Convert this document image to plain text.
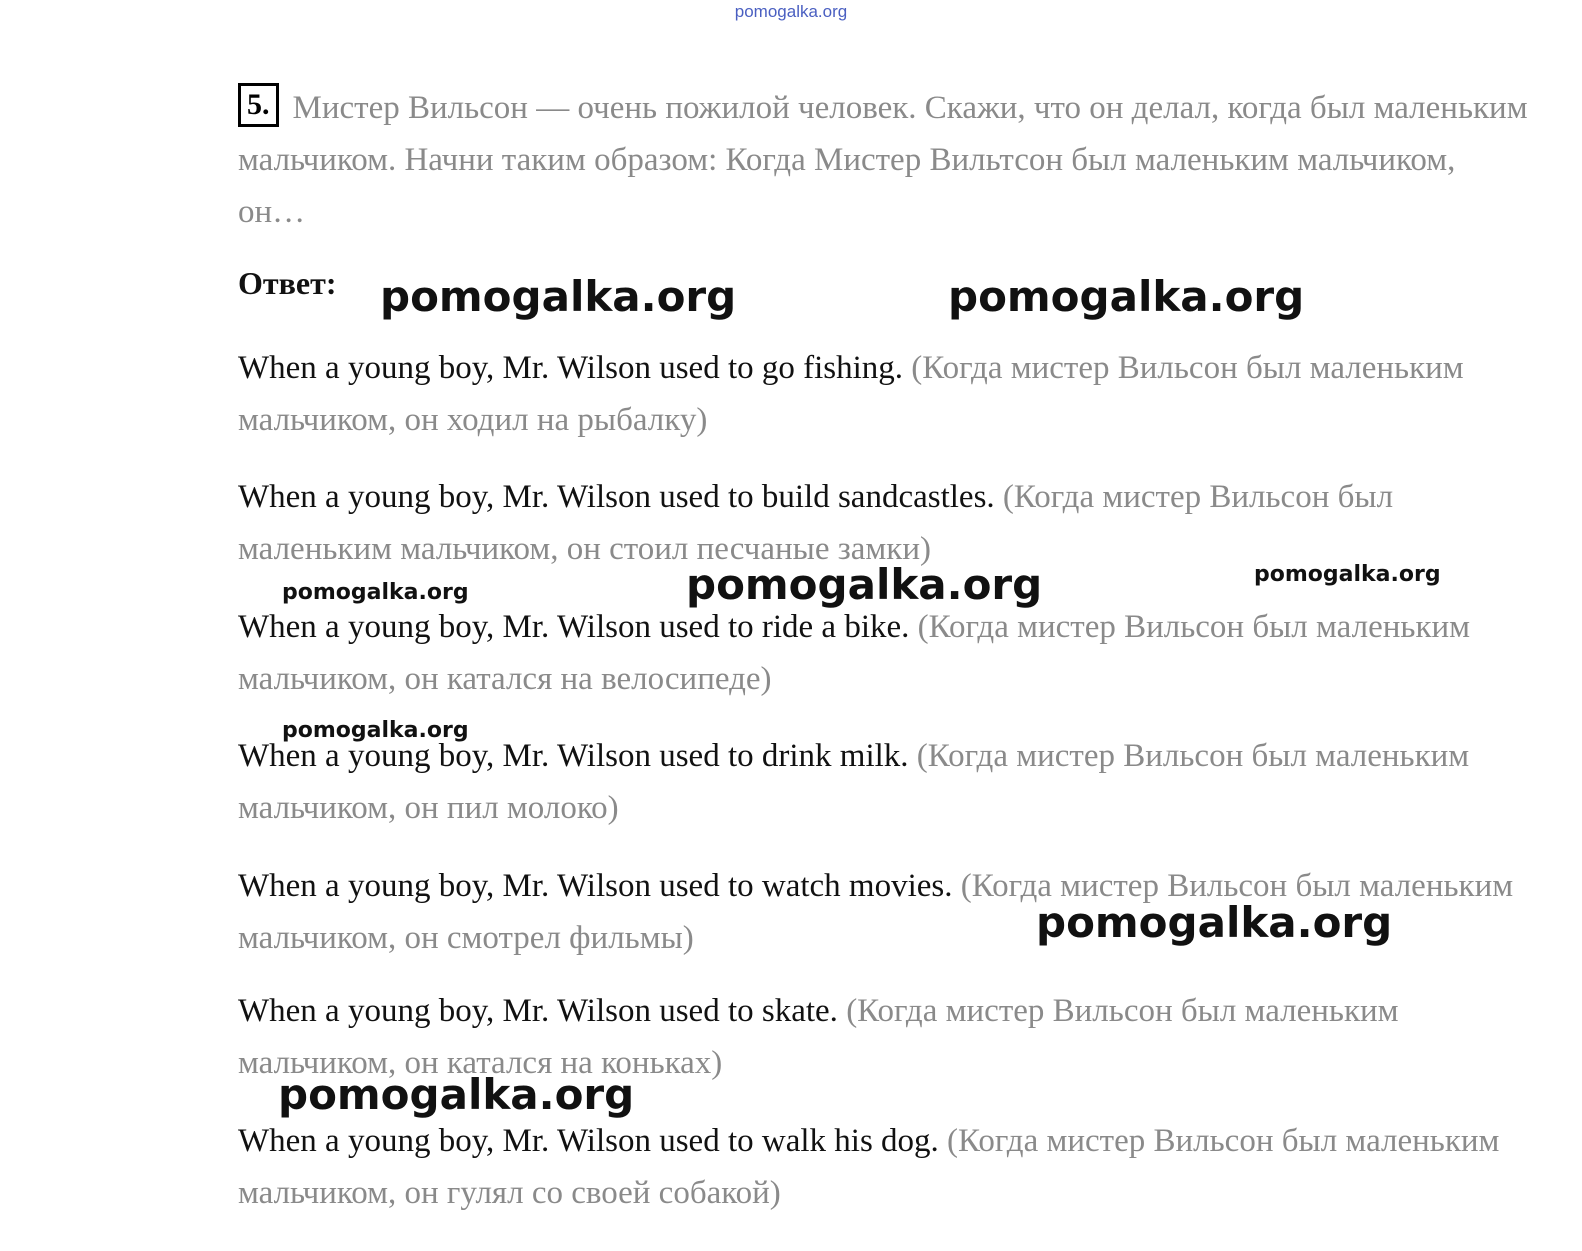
pomogalka.org
5. Мистер Вильсон — очень пожилой человек. Скажи, что он делал, когда был маленьким мальчиком. Начни таким образом: Когда Мистер Вильтсон был маленьким мальчиком, он…
Ответ:
When a young boy, Mr. Wilson used to go fishing. (Когда мистер Вильсон был маленьким мальчиком, он ходил на рыбалку)
When a young boy, Mr. Wilson used to build sandcastles. (Когда мистер Вильсон был маленьким мальчиком, он стоил песчаные замки)
When a young boy, Mr. Wilson used to ride a bike. (Когда мистер Вильсон был маленьким мальчиком, он катался на велосипеде)
When a young boy, Mr. Wilson used to drink milk. (Когда мистер Вильсон был маленьким мальчиком, он пил молоко)
When a young boy, Mr. Wilson used to watch movies. (Когда мистер Вильсон был маленьким мальчиком, он смотрел фильмы)
When a young boy, Mr. Wilson used to skate. (Когда мистер Вильсон был маленьким мальчиком, он катался на коньках)
When a young boy, Mr. Wilson used to walk his dog. (Когда мистер Вильсон был маленьким мальчиком, он гулял со своей собакой)
pomogalka.org	pomogalka.org
pomogalka.org	pomogalka.org	pomogalka.org
pomogalka.org
pomogalka.org
pomogalka.org
